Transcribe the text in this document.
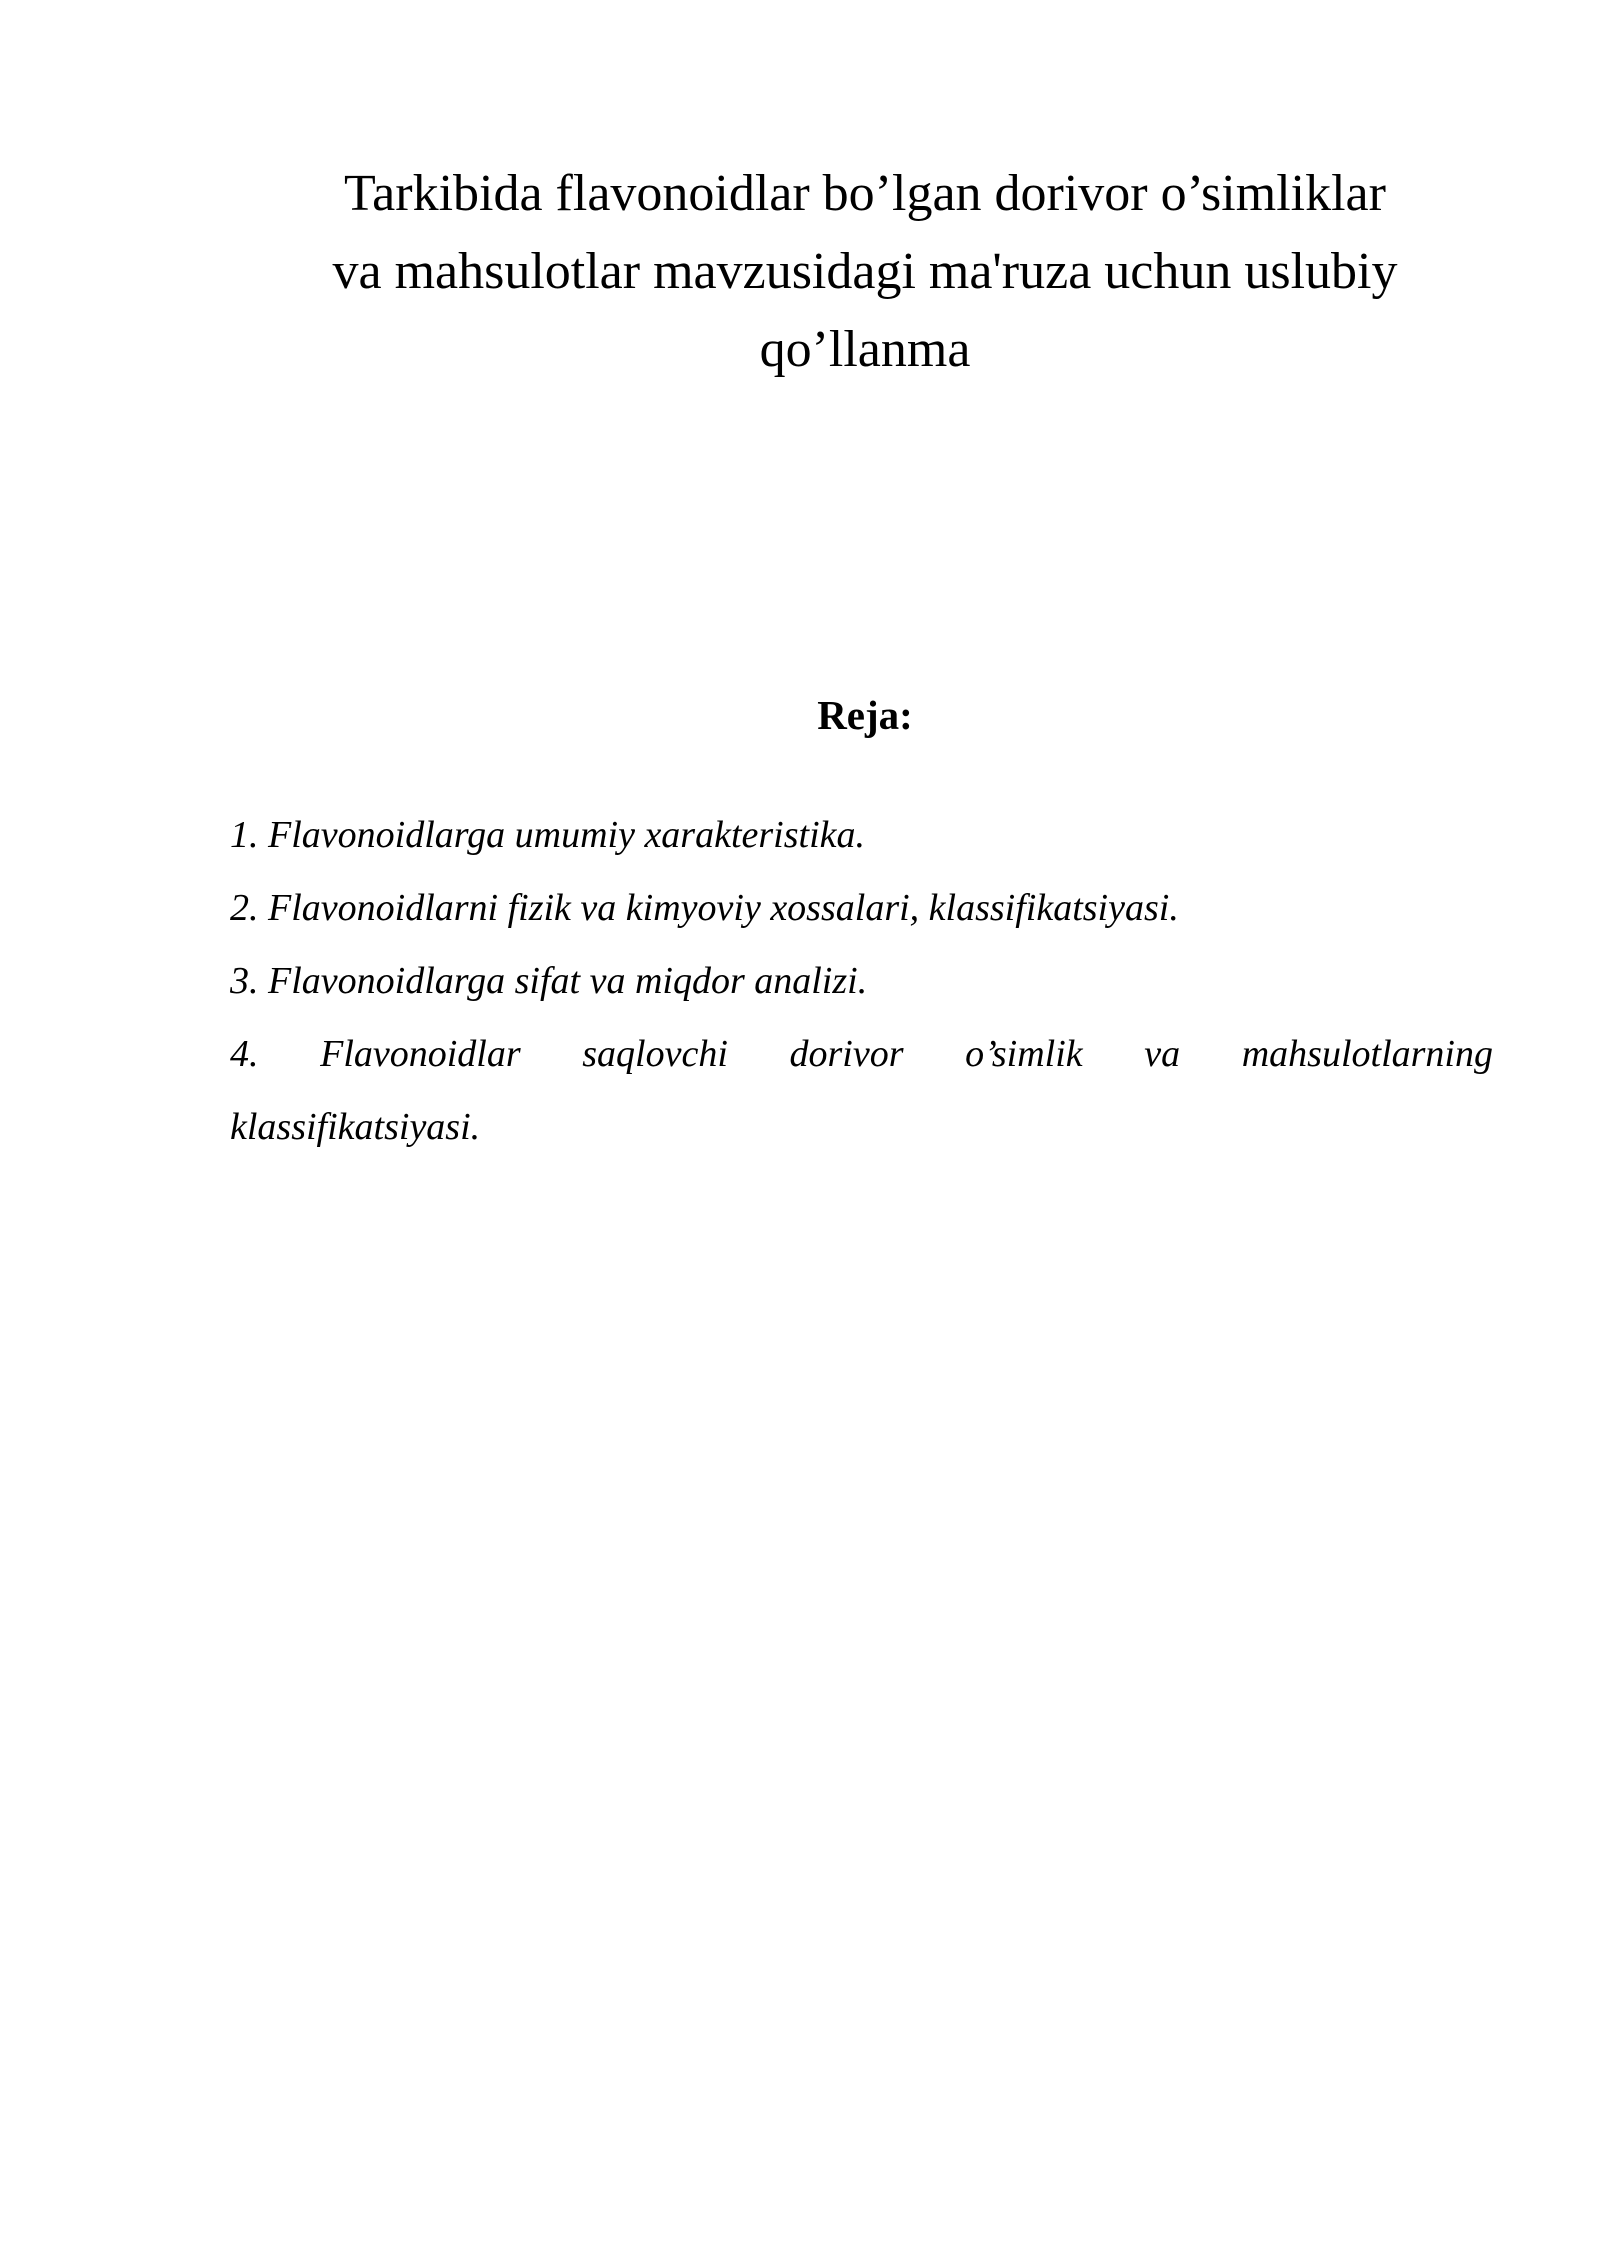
Tarkibida flavonoidlar bo’lgan dorivor o’simliklar
va mahsulotlar mavzusidagi ma'ruza uchun uslubiy
qo’llanma
Reja:
1. Flavonoidlarga umumiy xarakteristika.
2. Flavonoidlarni fizik va kimyoviy xossalari, klassifikatsiyasi.
3. Flavonoidlarga sifat va miqdor analizi.
4. Flavonoidlar saqlovchi dorivor o’simlik va mahsulotlarning
klassifikatsiyasi.
